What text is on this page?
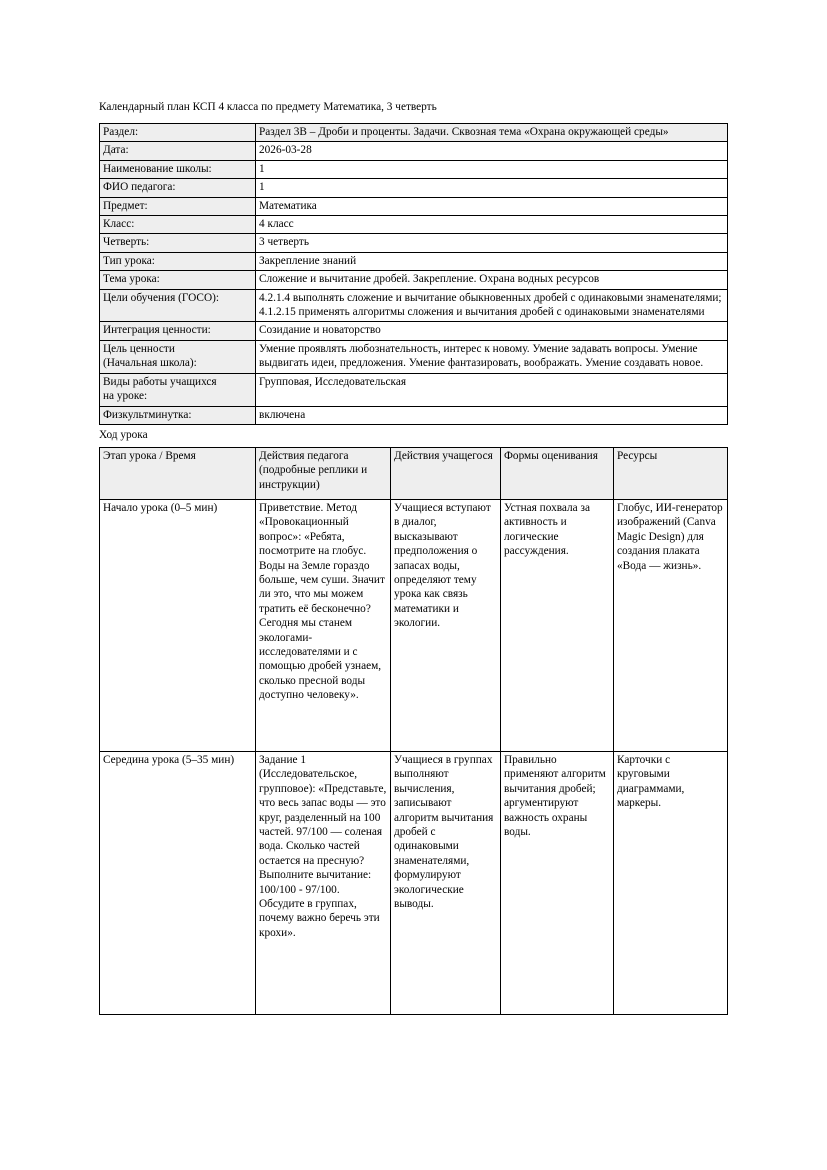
Календарный план КСП 4 класса по предмету Математика, 3 четверть

Раздел:	Раздел 3В – Дроби и проценты. Задачи. Сквозная тема «Охрана окружающей среды»
Дата:	2026-03-28
Наименование школы:	1
ФИО педагога:	1
Предмет:	Математика
Класс:	4 класс
Четверть:	3 четверть
Тип урока:	Закрепление знаний
Тема урока:	Сложение и вычитание дробей. Закрепление. Охрана водных ресурсов
Цели обучения (ГОСО):	4.2.1.4 выполнять сложение и вычитание обыкновенных дробей с одинаковыми знаменателями; 4.1.2.15 применять алгоритмы сложения и вычитания дробей с одинаковыми знаменателями
Интеграция ценности:	Созидание и новаторство

Цель ценности
(Начальная школа):	Умение проявлять любознательность, интерес к новому. Умение задавать вопросы. Умение выдвигать идеи, предложения. Умение фантазировать, воображать. Умение создавать новое.

Виды работы учащихся
на уроке:	Групповая, Исследовательская
Физкультминутка:	включена

Ход урока

Этап урока / Время	Действия педагога (подробные реплики и инструкции)	Действия учащегося	Формы оценивания	Ресурсы
Начало урока (0–5 мин)	Приветствие. Метод «Провокационный вопрос»: «Ребята, посмотрите на глобус. Воды на Земле гораздо больше, чем суши. Значит ли это, что мы можем тратить её бесконечно? Сегодня мы станем экологами-исследователями и с помощью дробей узнаем, сколько пресной воды доступно человеку».	Учащиеся вступают в диалог, высказывают предположения о запасах воды, определяют тему урока как связь математики и экологии.	Устная похвала за активность и логические рассуждения.	Глобус, ИИ-генератор изображений (Canva Magic Design) для создания плаката «Вода — жизнь».
Середина урока (5–35 мин)	Задание 1 (Исследовательское, групповое): «Представьте, что весь запас воды — это круг, разделенный на 100 частей. 97/100 — соленая вода. Сколько частей остается на пресную? Выполните вычитание: 100/100 - 97/100. Обсудите в группах, почему важно беречь эти крохи».	Учащиеся в группах выполняют вычисления, записывают алгоритм вычитания дробей с одинаковыми знаменателями, формулируют экологические выводы.	Правильно применяют алгоритм вычитания дробей; аргументируют важность охраны воды.	Карточки с круговыми диаграммами, маркеры.
